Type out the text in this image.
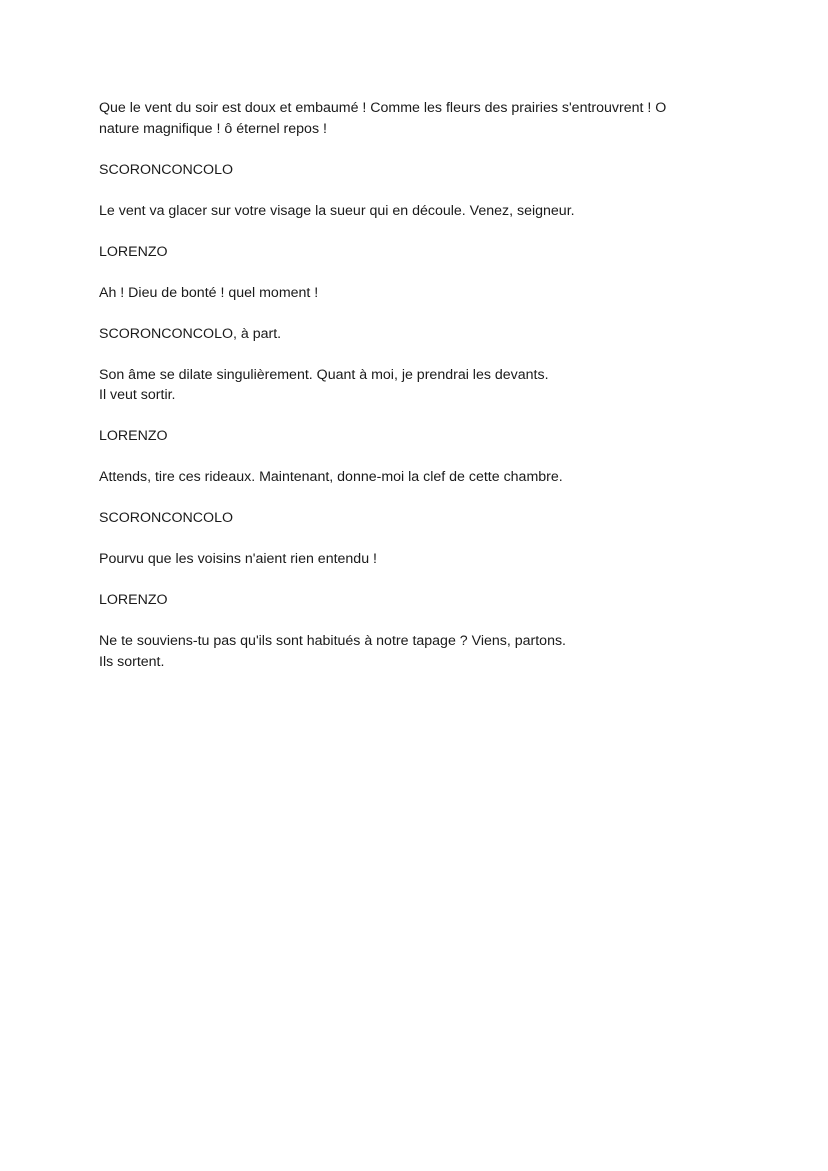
Que le vent du soir est doux et embaumé ! Comme les fleurs des prairies s'entrouvrent ! O
nature magnifique ! ô éternel repos !

SCORONCONCOLO

Le vent va glacer sur votre visage la sueur qui en découle. Venez, seigneur.

LORENZO

Ah ! Dieu de bonté ! quel moment !

SCORONCONCOLO, à part.

Son âme se dilate singulièrement. Quant à moi, je prendrai les devants.
Il veut sortir.

LORENZO

Attends, tire ces rideaux. Maintenant, donne-moi la clef de cette chambre.

SCORONCONCOLO

Pourvu que les voisins n'aient rien entendu !

LORENZO

Ne te souviens-tu pas qu'ils sont habitués à notre tapage ? Viens, partons.
Ils sortent.
